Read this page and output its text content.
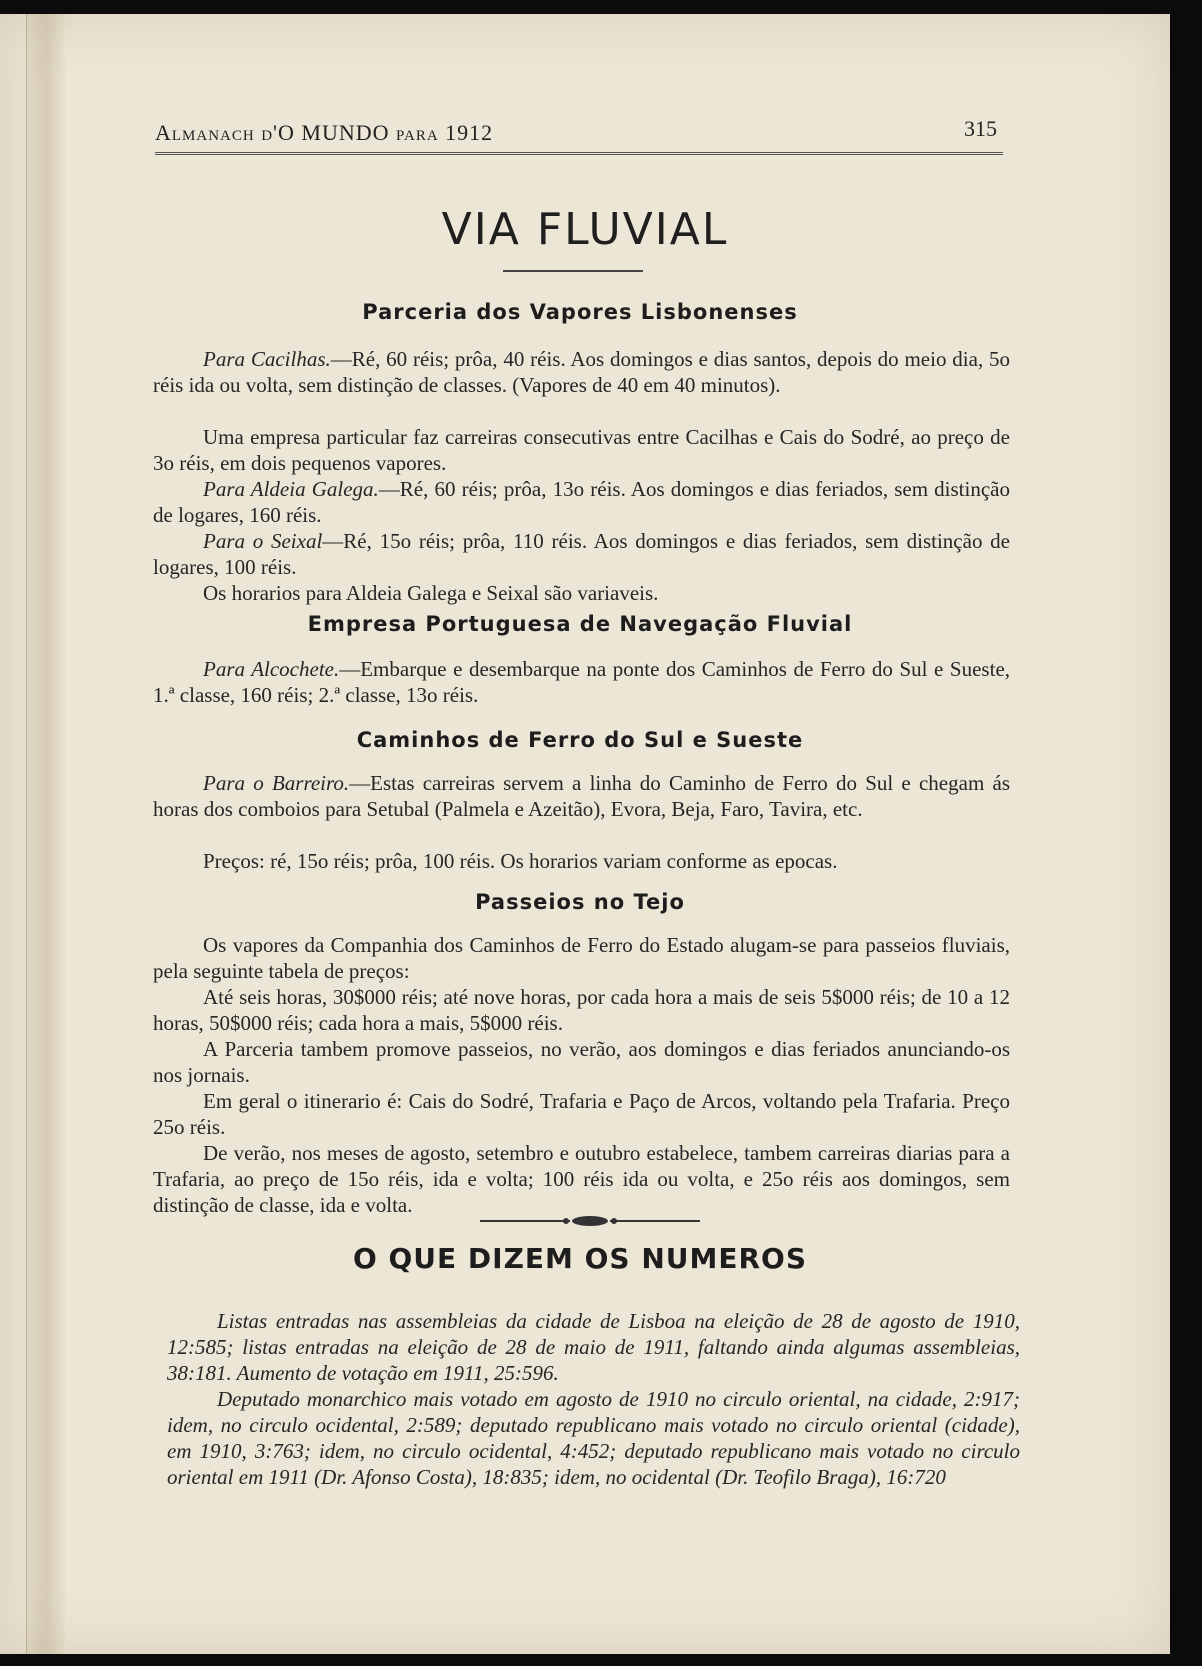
Almanach d'O MUNDO para 1912	315
VIA FLUVIAL
Parceria dos Vapores Lisbonenses
Para Cacilhas.—Ré, 60 réis; prôa, 40 réis. Aos domingos e dias santos, depois do meio dia, 5o réis ida ou volta, sem distinção de classes. (Vapores de 40 em 40 minutos).
Uma empresa particular faz carreiras consecutivas entre Cacilhas e Cais do Sodré, ao preço de 3o réis, em dois pequenos vapores.
Para Aldeia Galega.—Ré, 60 réis; prôa, 13o réis. Aos domingos e dias feriados, sem distinção de logares, 160 réis.
Para o Seixal—Ré, 15o réis; prôa, 110 réis. Aos domingos e dias feriados, sem distinção de logares, 100 réis.
Os horarios para Aldeia Galega e Seixal são variaveis.
Empresa Portuguesa de Navegação Fluvial
Para Alcochete.—Embarque e desembarque na ponte dos Caminhos de Ferro do Sul e Sueste, 1.ª classe, 160 réis; 2.ª classe, 13o réis.
Caminhos de Ferro do Sul e Sueste
Para o Barreiro.—Estas carreiras servem a linha do Caminho de Ferro do Sul e chegam ás horas dos comboios para Setubal (Palmela e Azeitão), Evora, Beja, Faro, Tavira, etc.
Preços: ré, 15o réis; prôa, 100 réis. Os horarios variam conforme as epocas.
Passeios no Tejo
Os vapores da Companhia dos Caminhos de Ferro do Estado alugam-se para passeios fluviais, pela seguinte tabela de preços:
Até seis horas, 30$000 réis; até nove horas, por cada hora a mais de seis 5$000 réis; de 10 a 12 horas, 50$000 réis; cada hora a mais, 5$000 réis.
A Parceria tambem promove passeios, no verão, aos domingos e dias feriados anunciando-os nos jornais.
Em geral o itinerario é: Cais do Sodré, Trafaria e Paço de Arcos, voltando pela Trafaria. Preço 25o réis.
De verão, nos meses de agosto, setembro e outubro estabelece, tambem carreiras diarias para a Trafaria, ao preço de 15o réis, ida e volta; 100 réis ida ou volta, e 25o réis aos domingos, sem distinção de classe, ida e volta.
O QUE DIZEM OS NUMEROS
Listas entradas nas assembleias da cidade de Lisboa na eleição de 28 de agosto de 1910, 12:585; listas entradas na eleição de 28 de maio de 1911, faltando ainda algumas assembleias, 38:181. Aumento de votação em 1911, 25:596.
Deputado monarchico mais votado em agosto de 1910 no circulo oriental, na cidade, 2:917; idem, no circulo ocidental, 2:589; deputado republicano mais votado no circulo oriental (cidade), em 1910, 3:763; idem, no circulo ocidental, 4:452; deputado republicano mais votado no circulo oriental em 1911 (Dr. Afonso Costa), 18:835; idem, no ocidental (Dr. Teofilo Braga), 16:720
